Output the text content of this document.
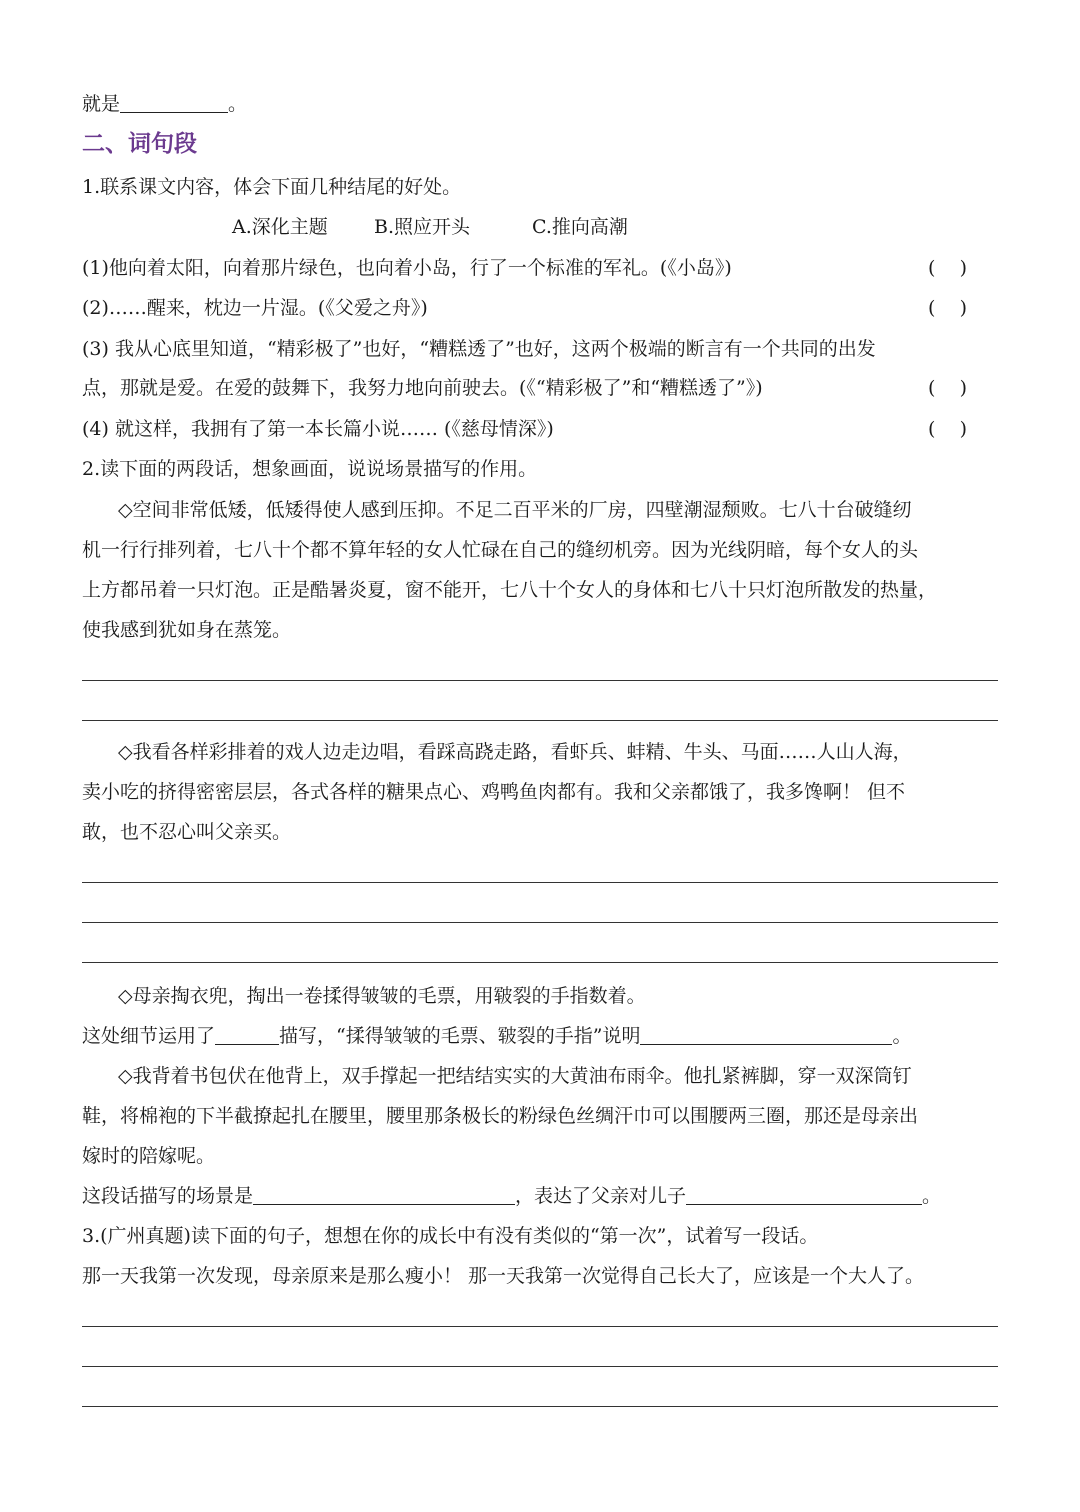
就是	。
二、词句段
1.联系课文内容，体会下面几种结尾的好处。
A.深化主题 B.照应开头	C.推向高潮
(1)他向着太阳，向着那片绿色，也向着小岛，行了一个标准的军礼。(《小岛》)	(    )
(2)……醒来，枕边一片湿。(《父爱之舟》)	(    )
(3) 我从心底里知道，“精彩极了”也好，“糟糕透了”也好，这两个极端的断言有一个共同的出发
点，那就是爱。在爱的鼓舞下，我努力地向前驶去。(《“精彩极了”和“糟糕透了”》)	(    )
(4) 就这样，我拥有了第一本长篇小说…… (《慈母情深》)	(    )
2.读下面的两段话，想象画面，说说场景描写的作用。
◇空间非常低矮，低矮得使人感到压抑。不足二百平米的厂房，四壁潮湿颓败。七八十台破缝纫
机一行行排列着，七八十个都不算年轻的女人忙碌在自己的缝纫机旁。因为光线阴暗，每个女人的头
上方都吊着一只灯泡。正是酷暑炎夏，窗不能开，七八十个女人的身体和七八十只灯泡所散发的热量，
使我感到犹如身在蒸笼。
◇我看各样彩排着的戏人边走边唱，看踩高跷走路，看虾兵、蚌精、牛头、马面……人山人海，
卖小吃的挤得密密层层，各式各样的糖果点心、鸡鸭鱼肉都有。我和父亲都饿了，我多馋啊！ 但不
敢，也不忍心叫父亲买。
◇母亲掏衣兜，掏出一卷揉得皱皱的毛票，用皲裂的手指数着。
这处细节运用了	描写，“揉得皱皱的毛票、皲裂的手指”说明	。
◇我背着书包伏在他背上，双手撑起一把结结实实的大黄油布雨伞。他扎紧裤脚，穿一双深筒钉
鞋，将棉袍的下半截撩起扎在腰里，腰里那条极长的粉绿色丝绸汗巾可以围腰两三圈，那还是母亲出
嫁时的陪嫁呢。
这段话描写的场景是	，表达了父亲对儿子	。
3.(广州真题)读下面的句子，想想在你的成长中有没有类似的“第一次”，试着写一段话。
那一天我第一次发现，母亲原来是那么瘦小！ 那一天我第一次觉得自己长大了，应该是一个大人了。
